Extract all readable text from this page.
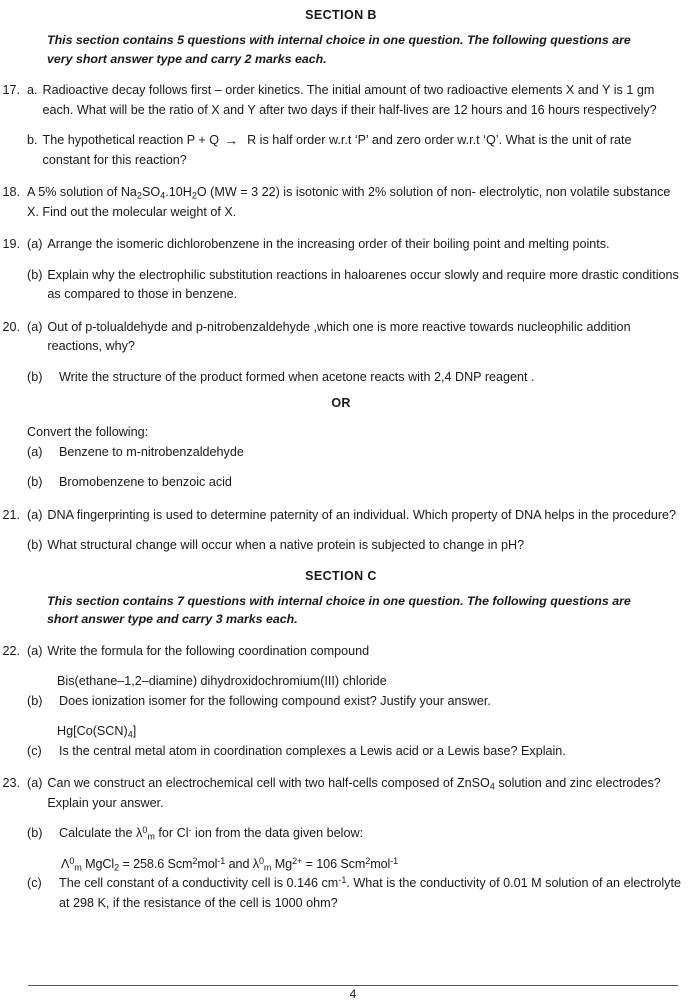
SECTION B
This section contains 5 questions with internal choice in one question. The following questions are very short answer type and carry 2 marks each.
17. a. Radioactive decay follows first – order kinetics. The initial amount of two radioactive elements X and Y is 1 gm each. What will be the ratio of X and Y after two days if their half-lives are 12 hours and 16 hours respectively?
b. The hypothetical reaction P + Q → R is half order w.r.t ‘P’ and zero order w.r.t ‘Q’. What is the unit of rate constant for this reaction?
18. A 5% solution of $Na_2SO_4.10H_2O$ (MW = 3 22) is isotonic with 2% solution of non- electrolytic, non volatile substance X. Find out the molecular weight of X.
19. (a) Arrange the isomeric dichlorobenzene in the increasing order of their boiling point and melting points.
(b) Explain why the electrophilic substitution reactions in haloarenes occur slowly and require more drastic conditions as compared to those in benzene.
20. (a) Out of p-tolualdehyde and p-nitrobenzaldehyde ,which one is more reactive towards nucleophilic addition reactions, why?
(b)	Write the structure of the product formed when acetone reacts with 2,4 DNP reagent .
OR
Convert the following:
(a)	Benzene to m-nitrobenzaldehyde
(b)	Bromobenzene to benzoic acid
21. (a) DNA fingerprinting is used to determine paternity of an individual. Which property of DNA helps in the procedure?
(b) What structural change will occur when a native protein is subjected to change in pH?
SECTION C
This section contains 7 questions with internal choice in one question. The following questions are short answer type and carry 3 marks each.
22. (a) Write the formula for the following coordination compound
Bis(ethane–1,2–diamine) dihydroxidochromium(III) chloride
(b)	Does ionization isomer for the following compound exist? Justify your answer.
$Hg[Co(SCN)_4]$
(c)	Is the central metal atom in coordination complexes a Lewis acid or a Lewis base? Explain.
23. (a) Can we construct an electrochemical cell with two half-cells composed of ZnSO$_4$ solution and zinc electrodes? Explain your answer.
(b)	Calculate the $\lambda^0_m$ for Cl- ion from the data given below:
$\Lambda^0_m$ MgCl$_2$ = 258.6 Scm$^2$mol$^{-1}$ and $\lambda^0_m$ $Mg^{2+} = 106$ Scm$^2$mol$^{-1}$
(c)	The cell constant of a conductivity cell is 0.146 $cm^{-1}$. What is the conductivity of 0.01 M solution of an electrolyte at 298 K, if the resistance of the cell is 1000 ohm?
4
